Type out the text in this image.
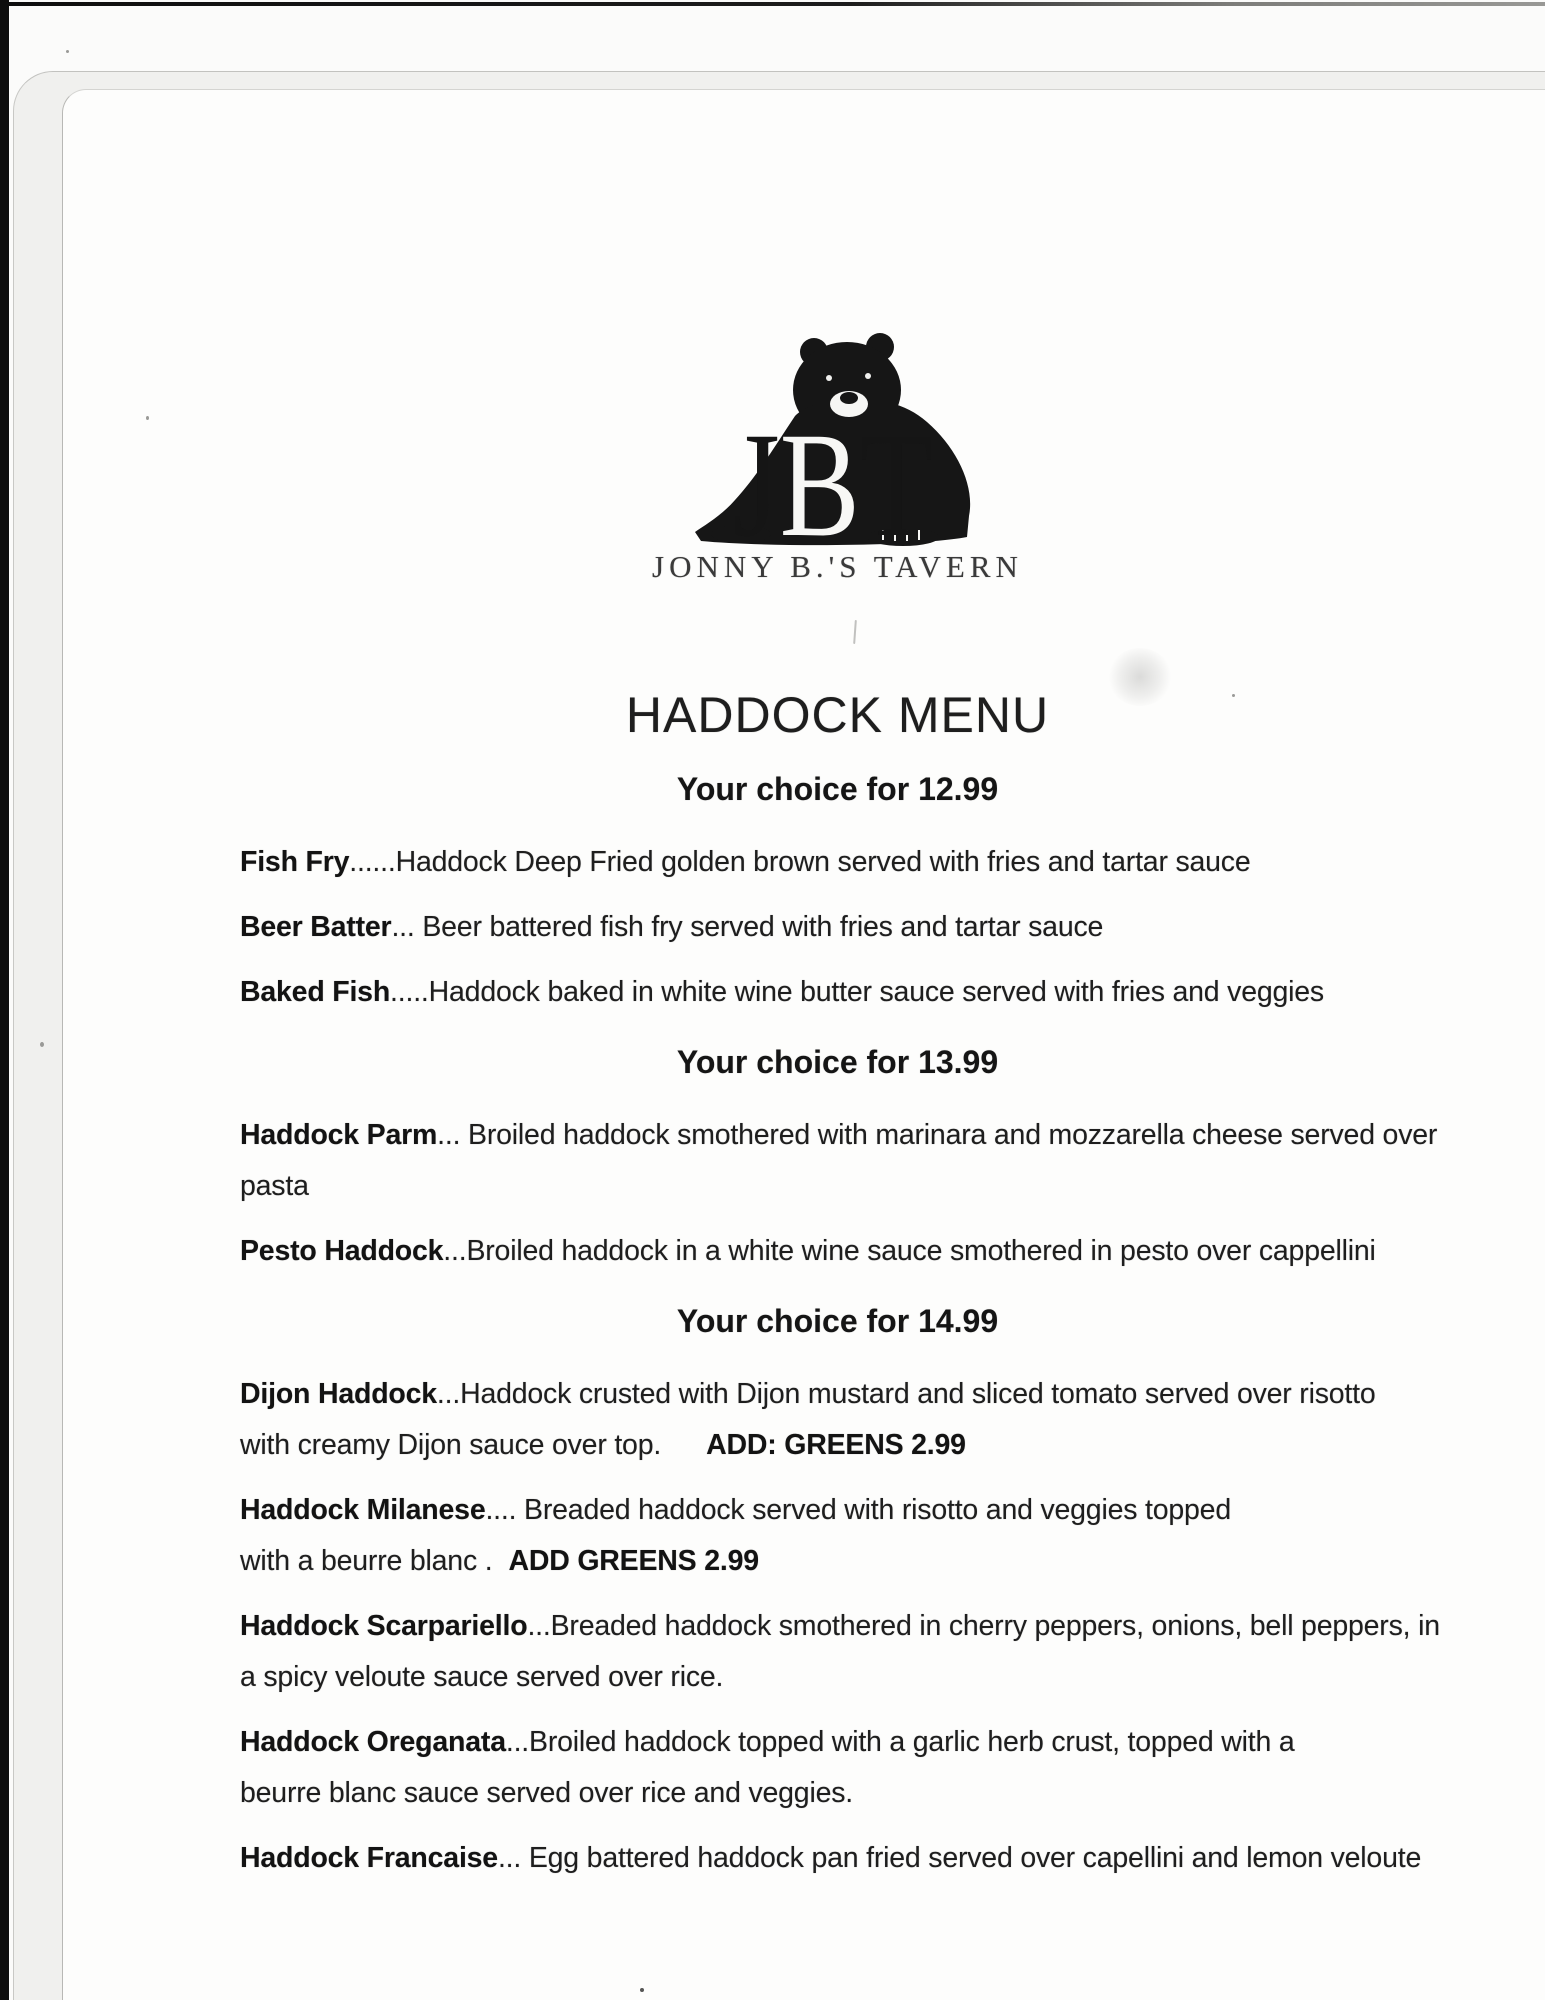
JBT
JONNY B.'S TAVERN
HADDOCK MENU
Your choice for 12.99
Fish Fry......Haddock Deep Fried golden brown served with fries and tartar sauce
Beer Batter... Beer battered fish fry served with fries and tartar sauce
Baked Fish.....Haddock baked in white wine butter sauce served with fries and veggies
Your choice for 13.99
Haddock Parm... Broiled haddock smothered with marinara and mozzarella cheese served over
pasta
Pesto Haddock...Broiled haddock in a white wine sauce smothered in pesto over cappellini
Your choice for 14.99
Dijon Haddock...Haddock crusted with Dijon mustard and sliced tomato served over risotto
with creamy Dijon sauce over top. ADD: GREENS 2.99
Haddock Milanese.... Breaded haddock served with risotto and veggies topped
with a beurre blanc . ADD GREENS 2.99
Haddock Scarpariello...Breaded haddock smothered in cherry peppers, onions, bell peppers, in
a spicy veloute sauce served over rice.
Haddock Oreganata...Broiled haddock topped with a garlic herb crust, topped with a
beurre blanc sauce served over rice and veggies.
Haddock Francaise... Egg battered haddock pan fried served over capellini and lemon veloute
